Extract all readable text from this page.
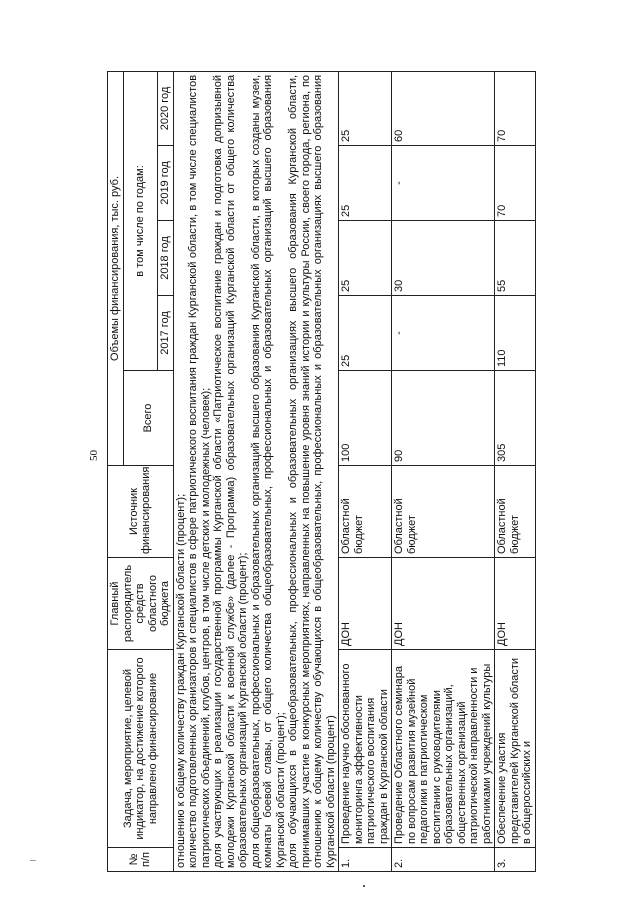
50
№ п/п	Задача, мероприятие, целевой индикатор, на достижение которого направлено финансирование	Главный распорядитель средств областного бюджета	Источник финансирования	Объемы финансирования, тыс. руб.				
				Всего	в том числе по годам:			
					2017 год	2018 год	2019 год	2020 год

отношению к общему количеству граждан Курганской области (процент); количество подготовленных организаторов и специалистов в сфере патриотического воспитания граждан Курганской области, в том числе специалистов патриотических объединений, клубов, центров, в том числе детских и молодежных (человек); доля участвующих в реализации государственной программы Курганской области «Патриотическое воспитание граждан и подготовка допризывной молодежи Курганской области к военной службе» (далее - Программа) образовательных организаций Курганской области от общего количества образовательных организаций Курганской области (процент); доля общеобразовательных, профессиональных и образовательных организаций высшего образования Курганской области, в которых созданы музеи, комнаты боевой славы, от общего количества общеобразовательных, профессиональных и образовательных организаций высшего образования Курганской области (процент); доля обучающихся в общеобразовательных, профессиональных и образовательных организациях высшего образования Курганской области, принимавших участие в конкурсных мероприятиях, направленных на повышение уровня знаний истории и культуры России, своего города, региона, по отношению к общему количеству обучающихся в общеобразовательных, профессиональных и образовательных организациях высшего образования Курганской области (процент)								

1.	Проведение научно обоснованного мониторинга эффективности патриотического воспитания граждан в Курганской области	ДОН	Областной бюджет	100	25	25	25	25
2.	Проведение Областного семинара по вопросам развития музейной педагогики в патриотическом воспитании с руководителями образовательных организаций, общественных организаций патриотической направленности и работниками учреждений культуры	ДОН	Областной бюджет	90	-	30	-	60
3.	Обеспечение участия представителей Курганской области в общероссийских и	ДОН	Областной бюджет	305	110	55	70	70
